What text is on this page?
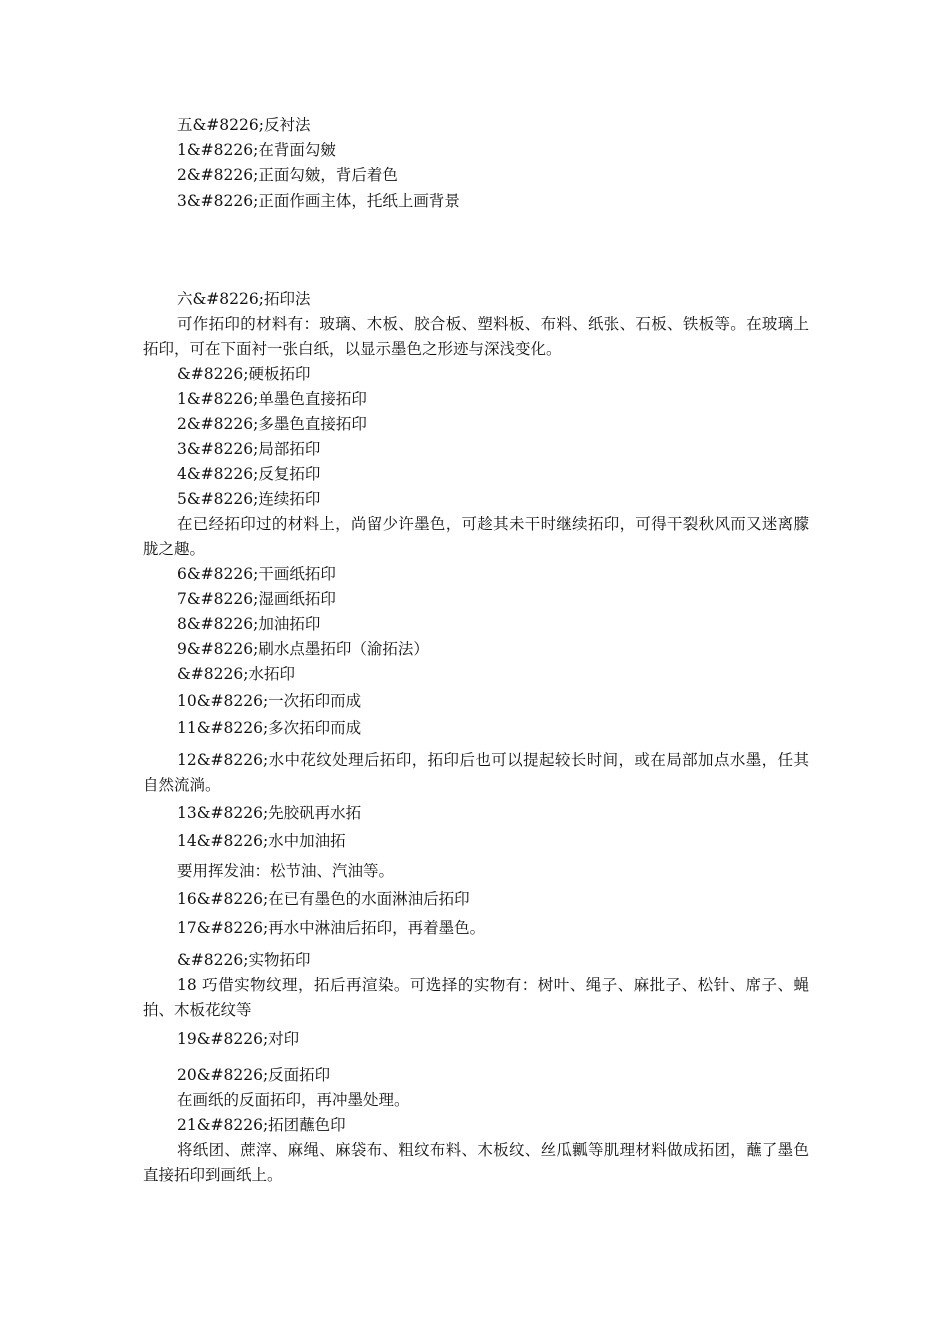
五&#8226;反衬法

1&#8226;在背面勾皴

2&#8226;正面勾皴，背后着色

3&#8226;正面作画主体，托纸上画背景

六&#8226;拓印法

可作拓印的材料有：玻璃、木板、胶合板、塑料板、布料、纸张、石板、铁板等。在玻璃上拓印，可在下面衬一张白纸，以显示墨色之形迹与深浅变化。

&#8226;硬板拓印

1&#8226;单墨色直接拓印

2&#8226;多墨色直接拓印

3&#8226;局部拓印

4&#8226;反复拓印

5&#8226;连续拓印

在已经拓印过的材料上，尚留少许墨色，可趁其未干时继续拓印，可得干裂秋风而又迷离朦胧之趣。

6&#8226;干画纸拓印

7&#8226;湿画纸拓印

8&#8226;加油拓印

9&#8226;刷水点墨拓印（渝拓法）

&#8226;水拓印

10&#8226;一次拓印而成

11&#8226;多次拓印而成

12&#8226;水中花纹处理后拓印，拓印后也可以提起较长时间，或在局部加点水墨，任其自然流淌。

13&#8226;先胶矾再水拓

14&#8226;水中加油拓

要用挥发油：松节油、汽油等。

16&#8226;在已有墨色的水面淋油后拓印

17&#8226;再水中淋油后拓印，再着墨色。

&#8226;实物拓印

18 巧借实物纹理，拓后再渲染。可选择的实物有：树叶、绳子、麻批子、松针、席子、蝇拍、木板花纹等

19&#8226;对印

20&#8226;反面拓印

在画纸的反面拓印，再冲墨处理。

21&#8226;拓团蘸色印

将纸团、蔗滓、麻绳、麻袋布、粗纹布料、木板纹、丝瓜瓤等肌理材料做成拓团，蘸了墨色直接拓印到画纸上。
